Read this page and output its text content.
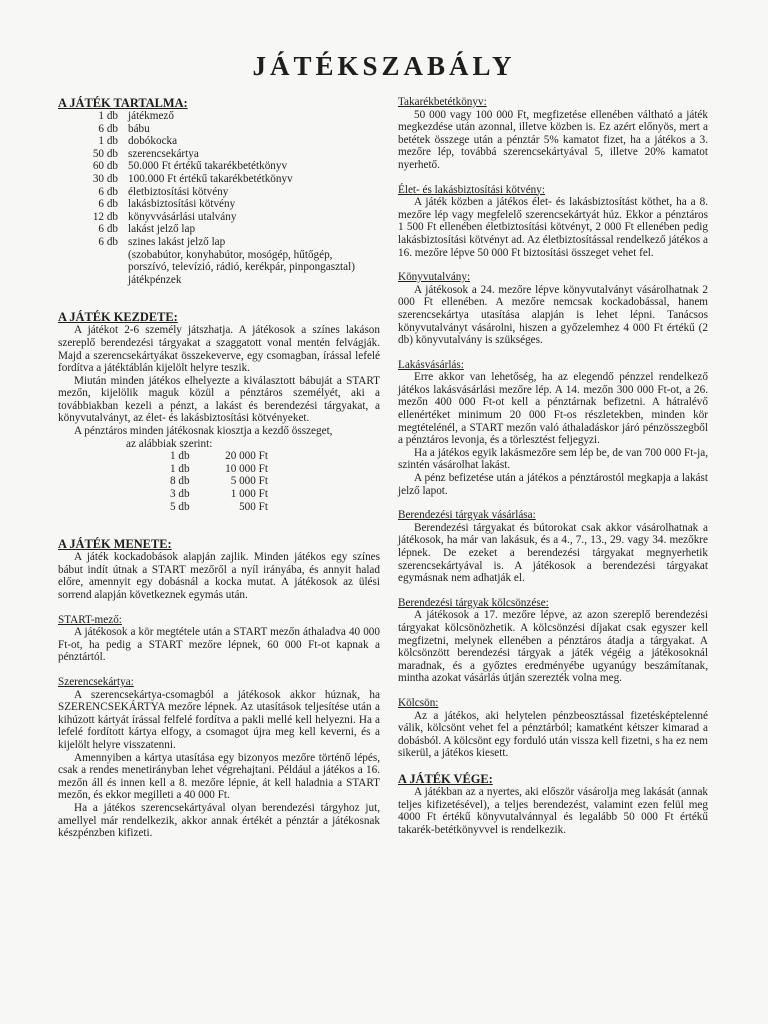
JÁTÉKSZABÁLY
A JÁTÉK TARTALMA:
1 db	játékmező
6 db	bábu
1 db	dobókocka
50 db	szerencsekártya
60 db	50.000 Ft értékű takarékbetétkönyv
30 db	100.000 Ft értékű takarékbetétkönyv
6 db	életbiztosítási kötvény
6 db	lakásbiztosítási kötvény
12 db	könyvvásárlási utalvány
6 db	lakást jelző lap
6 db	szines lakást jelző lap
(szobabútor, konyhabútor, mosógép, hűtőgép,
porszívó, televízió, rádió, kerékpár, pinpongasztal)
játékpénzek
A JÁTÉK KEZDETE:

A játékot 2-6 személy játszhatja. A játékosok a színes lakáson szereplő berendezési tárgyakat a szaggatott vonal mentén felvágják. Majd a szerencsekártyákat összekeverve, egy csomagban, írással lefelé fordítva a játéktáblán kijelölt helyre teszik.

Miután minden játékos elhelyezte a kiválasztott bábuját a START mezőn, kijelölik maguk közül a pénztáros személyét, aki a továbbiakban kezeli a pénzt, a lakást és berendezési tárgyakat, a könyvutalványt, az élet- és lakásbiztosítási kötvényeket.

A pénztáros minden játékosnak kiosztja a kezdő összeget,

az alábbiak szerint:

1 db	20 000 Ft
1 db	10 000 Ft
8 db	5 000 Ft
3 db	1 000 Ft
5 db	500 Ft
A JÁTÉK MENETE:

A játék kockadobások alapján zajlik. Minden játékos egy színes bábut indít útnak a START mezőről a nyíl irányába, és annyit halad előre, amennyit egy dobásnál a kocka mutat. A játékosok az ülési sorrend alapján következnek egymás után.

START-mező:

A játékosok a kör megtétele után a START mezőn áthaladva 40 000 Ft-ot, ha pedig a START mezőre lépnek, 60 000 Ft-ot kapnak a pénztártól.

Szerencsekártya:

A szerencsekártya-csomagból a játékosok akkor húznak, ha SZERENCSEKÁRTYA mezőre lépnek. Az utasítások teljesítése után a kihúzott kártyát írással felfelé fordítva a pakli mellé kell helyezni. Ha a lefelé fordított kártya elfogy, a csomagot újra meg kell keverni, és a kijelölt helyre visszatenni.

Amennyiben a kártya utasítása egy bizonyos mezőre történő lépés, csak a rendes menetirányban lehet végrehajtani. Például a játékos a 16. mezőn áll és innen kell a 8. mezőre lépnie, át kell haladnia a START mezőn, és ekkor megilleti a 40 000 Ft.

Ha a játékos szerencsekártyával olyan berendezési tárgyhoz jut, amellyel már rendelkezik, akkor annak értékét a pénztár a játékosnak készpénzben kifizeti.

Takarékbetétkönyv:

50 000 vagy 100 000 Ft, megfizetése ellenében váltható a játék megkezdése után azonnal, illetve közben is. Ez azért előnyös, mert a betétek összege után a pénztár 5% kamatot fizet, ha a játékos a 3. mezőre lép, továbbá szerencsekártyával 5, illetve 20% kamatot nyerhető.

Élet- és lakásbiztosítási kötvény:

A játék közben a játékos élet- és lakásbiztosítást köthet, ha a 8. mezőre lép vagy megfelelő szerencsekártyát húz. Ekkor a pénztáros 1 500 Ft ellenében életbiztosítási kötvényt, 2 000 Ft ellenében pedig lakásbiztosítási kötvényt ad. Az életbiztosítással rendelkező játékos a 16. mezőre lépve 50 000 Ft biztosítási összeget vehet fel.

Könyvutalvány:

A játékosok a 24. mezőre lépve könyvutalványt vásárolhatnak 2 000 Ft ellenében. A mezőre nemcsak kockadobással, hanem szerencsekártya utasítása alapján is lehet lépni. Tanácsos könyvutalványt vásárolni, hiszen a győzelemhez 4 000 Ft értékű (2 db) könyvutalvány is szükséges.

Lakásvásárlás:

Erre akkor van lehetőség, ha az elegendő pénzzel rendelkező játékos lakásvásárlási mezőre lép. A 14. mezőn 300 000 Ft-ot, a 26. mezőn 400 000 Ft-ot kell a pénztárnak befizetni. A hátralévő ellenértéket minimum 20 000 Ft-os részletekben, minden kör megtételénél, a START mezőn való áthaladáskor járó pénzösszegből a pénztáros levonja, és a törlesztést feljegyzi.

Ha a játékos egyik lakásmezőre sem lép be, de van 700 000 Ft-ja, szintén vásárolhat lakást.

A pénz befizetése után a játékos a pénztárostól megkapja a lakást jelző lapot.

Berendezési tárgyak vásárlása:

Berendezési tárgyakat és bútorokat csak akkor vásárolhatnak a játékosok, ha már van lakásuk, és a 4., 7., 13., 29. vagy 34. mezőkre lépnek. De ezeket a berendezési tárgyakat megnyerhetik szerencsekártyával is. A játékosok a berendezési tárgyakat egymásnak nem adhatják el.

Berendezési tárgyak kölcsönzése:

A játékosok a 17. mezőre lépve, az azon szereplő berendezési tárgyakat kölcsönözhetik. A kölcsönzési díjakat csak egyszer kell megfizetni, melynek ellenében a pénztáros átadja a tárgyakat. A kölcsönzött berendezési tárgyak a játék végéig a játékosoknál maradnak, és a győztes eredményébe ugyanúgy beszámítanak, mintha azokat vásárlás útján szerezték volna meg.

Kölcsön:

Az a játékos, aki helytelen pénzbeosztással fizetésképtelenné válik, kölcsönt vehet fel a pénztárból; kamatként kétszer kimarad a dobásból. A kölcsönt egy forduló után vissza kell fizetni, s ha ez nem sikerül, a játékos kiesett.

A JÁTÉK VÉGE:

A játékban az a nyertes, aki először vásárolja meg lakását (annak teljes kifizetésével), a teljes berendezést, valamint ezen felül meg 4000 Ft értékű könyvutalvánnyal és legalább 50 000 Ft értékű takarék-betétkönyvvel is rendelkezik.
